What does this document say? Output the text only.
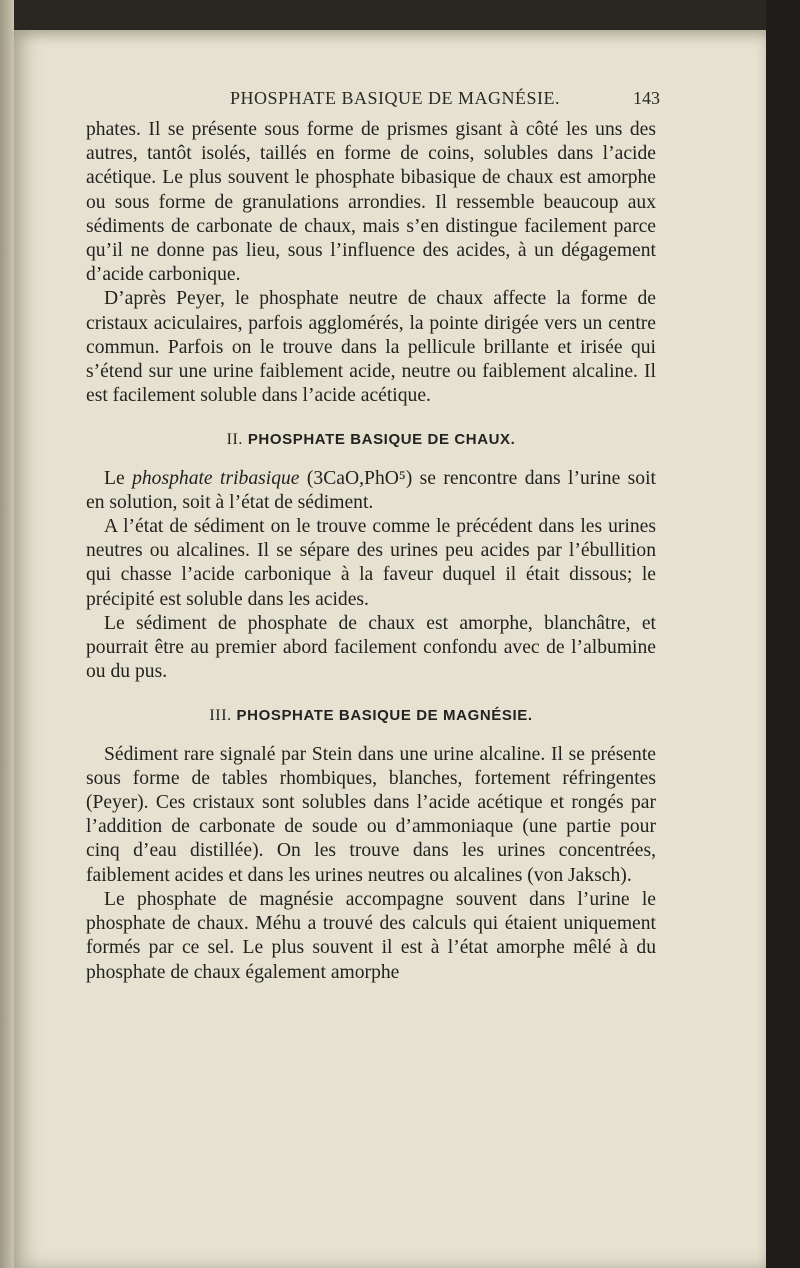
PHOSPHATE BASIQUE DE MAGNÉSIE.	143

phates. Il se présente sous forme de prismes gisant à côté les uns des autres, tantôt isolés, taillés en forme de coins, solubles dans l’acide acétique. Le plus souvent le phosphate bibasique de chaux est amorphe ou sous forme de granulations arrondies. Il ressemble beaucoup aux sédiments de carbonate de chaux, mais s’en distingue facilement parce qu’il ne donne pas lieu, sous l’influence des acides, à un dégagement d’acide carbonique.

D’après Peyer, le phosphate neutre de chaux affecte la forme de cristaux aciculaires, parfois agglomérés, la pointe dirigée vers un centre commun. Parfois on le trouve dans la pellicule brillante et irisée qui s’étend sur une urine faiblement acide, neutre ou faiblement alcaline. Il est facilement soluble dans l’acide acétique.

II. PHOSPHATE BASIQUE DE CHAUX.

Le phosphate tribasique (3CaO,PhO⁵) se rencontre dans l’urine soit en solution, soit à l’état de sédiment.

A l’état de sédiment on le trouve comme le précédent dans les urines neutres ou alcalines. Il se sépare des urines peu acides par l’ébullition qui chasse l’acide carbonique à la faveur duquel il était dissous; le précipité est soluble dans les acides.

Le sédiment de phosphate de chaux est amorphe, blanchâtre, et pourrait être au premier abord facilement confondu avec de l’albumine ou du pus.

III. PHOSPHATE BASIQUE DE MAGNÉSIE.

Sédiment rare signalé par Stein dans une urine alcaline. Il se présente sous forme de tables rhombiques, blanches, fortement réfringentes (Peyer). Ces cristaux sont solubles dans l’acide acétique et rongés par l’addition de carbonate de soude ou d’ammoniaque (une partie pour cinq d’eau distillée). On les trouve dans les urines concentrées, faiblement acides et dans les urines neutres ou alcalines (von Jaksch).

Le phosphate de magnésie accompagne souvent dans l’urine le phosphate de chaux. Méhu a trouvé des calculs qui étaient uniquement formés par ce sel. Le plus souvent il est à l’état amorphe mêlé à du phosphate de chaux également amorphe
